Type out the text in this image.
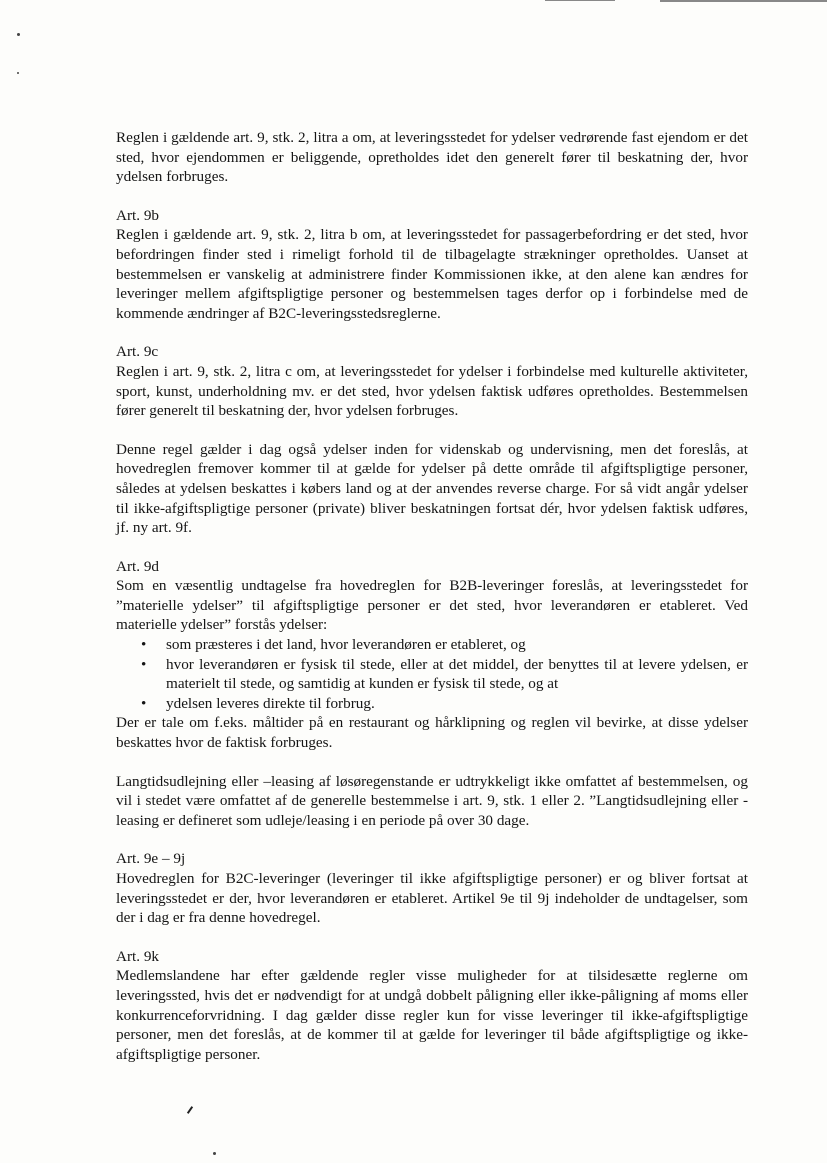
Reglen i gældende art. 9, stk. 2, litra a om, at leveringsstedet for ydelser vedrørende fast ejendom er det sted, hvor ejendommen er beliggende, opretholdes idet den generelt fører til beskatning der, hvor ydelsen forbruges.

Art. 9b

Reglen i gældende art. 9, stk. 2, litra b om, at leveringsstedet for passagerbefordring er det sted, hvor befordringen finder sted i rimeligt forhold til de tilbagelagte strækninger opretholdes. Uanset at bestemmelsen er vanskelig at administrere finder Kommissionen ikke, at den alene kan ændres for leveringer mellem afgiftspligtige personer og bestemmelsen tages derfor op i forbindelse med de kommende ændringer af B2C-leveringsstedsreglerne.

Art. 9c

Reglen i art. 9, stk. 2, litra c om, at leveringsstedet for ydelser i forbindelse med kulturelle aktiviteter, sport, kunst, underholdning mv. er det sted, hvor ydelsen faktisk udføres opretholdes. Bestemmelsen fører generelt til beskatning der, hvor ydelsen forbruges.

Denne regel gælder i dag også ydelser inden for videnskab og undervisning, men det foreslås, at hovedreglen fremover kommer til at gælde for ydelser på dette område til afgiftspligtige personer, således at ydelsen beskattes i købers land og at der anvendes reverse charge. For så vidt angår ydelser til ikke-afgiftspligtige personer (private) bliver beskatningen fortsat dér, hvor ydelsen faktisk udføres, jf. ny art. 9f.

Art. 9d

Som en væsentlig undtagelse fra hovedreglen for B2B-leveringer foreslås, at leveringsstedet for ”materielle ydelser” til afgiftspligtige personer er det sted, hvor leverandøren er etableret. Ved materielle ydelser” forstås ydelser:

• som præsteres i det land, hvor leverandøren er etableret, og
• hvor leverandøren er fysisk til stede, eller at det middel, der benyttes til at levere ydelsen, er materielt til stede, og samtidig at kunden er fysisk til stede, og at
• ydelsen leveres direkte til forbrug.

Der er tale om f.eks. måltider på en restaurant og hårklipning og reglen vil bevirke, at disse ydelser beskattes hvor de faktisk forbruges.

Langtidsudlejning eller –leasing af løsøregenstande er udtrykkeligt ikke omfattet af bestemmelsen, og vil i stedet være omfattet af de generelle bestemmelse i art. 9, stk. 1 eller 2. ”Langtidsudlejning eller -leasing er defineret som udleje/leasing i en periode på over 30 dage.

Art. 9e – 9j

Hovedreglen for B2C-leveringer (leveringer til ikke afgiftspligtige personer) er og bliver fortsat at leveringsstedet er der, hvor leverandøren er etableret. Artikel 9e til 9j indeholder de undtagelser, som der i dag er fra denne hovedregel.

Art. 9k

Medlemslandene har efter gældende regler visse muligheder for at tilsidesætte reglerne om leveringssted, hvis det er nødvendigt for at undgå dobbelt påligning eller ikke-påligning af moms eller konkurrenceforvridning. I dag gælder disse regler kun for visse leveringer til ikke-afgiftspligtige personer, men det foreslås, at de kommer til at gælde for leveringer til både afgiftspligtige og ikke-afgiftspligtige personer.
